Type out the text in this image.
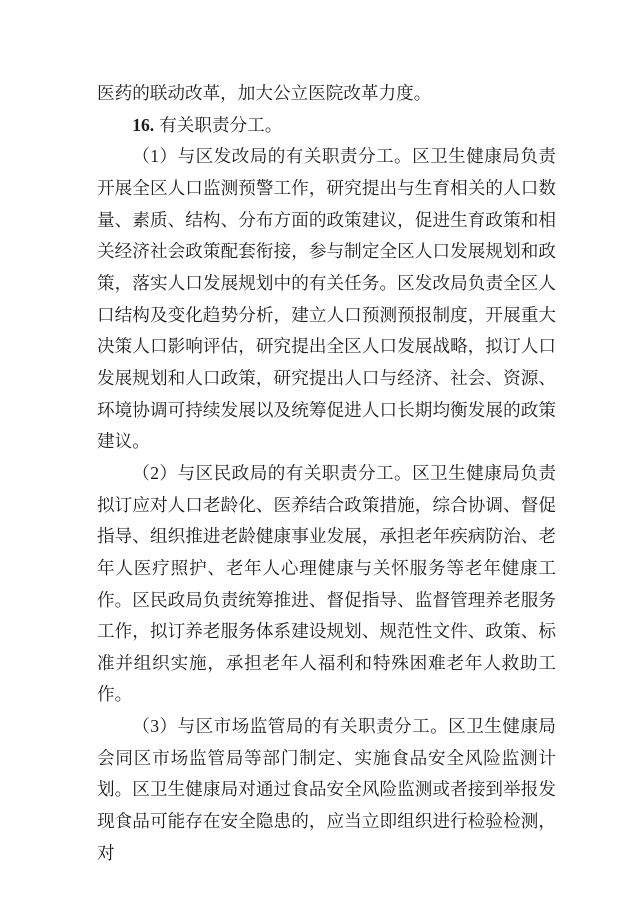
医药的联动改革，加大公立医院改革力度。

16. 有关职责分工。

（1）与区发改局的有关职责分工。区卫生健康局负责开展全区人口监测预警工作，研究提出与生育相关的人口数量、素质、结构、分布方面的政策建议，促进生育政策和相关经济社会政策配套衔接，参与制定全区人口发展规划和政策，落实人口发展规划中的有关任务。区发改局负责全区人口结构及变化趋势分析，建立人口预测预报制度，开展重大决策人口影响评估，研究提出全区人口发展战略，拟订人口发展规划和人口政策，研究提出人口与经济、社会、资源、环境协调可持续发展以及统筹促进人口长期均衡发展的政策建议。

（2）与区民政局的有关职责分工。区卫生健康局负责拟订应对人口老龄化、医养结合政策措施，综合协调、督促指导、组织推进老龄健康事业发展，承担老年疾病防治、老年人医疗照护、老年人心理健康与关怀服务等老年健康工作。区民政局负责统筹推进、督促指导、监督管理养老服务工作，拟订养老服务体系建设规划、规范性文件、政策、标准并组织实施，承担老年人福利和特殊困难老年人救助工作。

（3）与区市场监管局的有关职责分工。区卫生健康局会同区市场监管局等部门制定、实施食品安全风险监测计划。区卫生健康局对通过食品安全风险监测或者接到举报发现食品可能存在安全隐患的，应当立即组织进行检验检测，对
